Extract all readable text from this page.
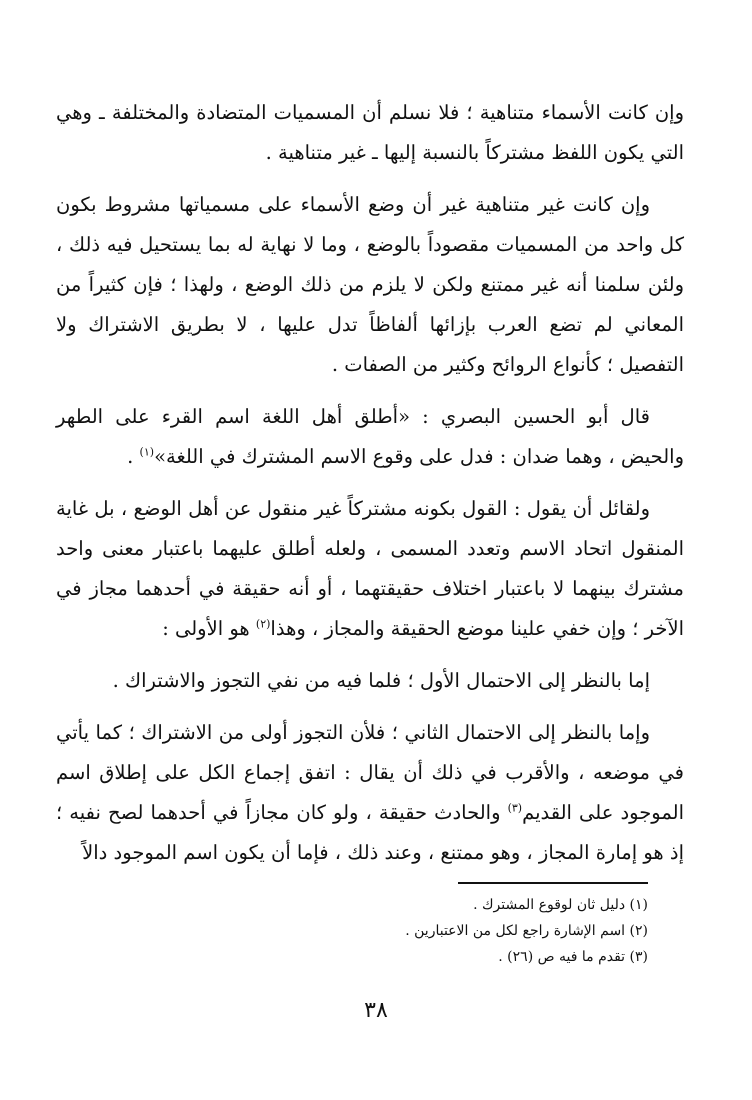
وإن كانت الأسماء متناهية ؛ فلا نسلم أن المسميات المتضادة والمختلفة ـ وهي التي يكون اللفظ مشتركاً بالنسبة إليها ـ غير متناهية .

وإن كانت غير متناهية غير أن وضع الأسماء على مسمياتها مشروط بكون كل واحد من المسميات مقصوداً بالوضع ، وما لا نهاية له بما يستحيل فيه ذلك ، ولئن سلمنا أنه غير ممتنع ولكن لا يلزم من ذلك الوضع ، ولهذا ؛ فإن كثيراً من المعاني لم تضع العرب بإزائها ألفاظاً تدل عليها ، لا بطريق الاشتراك ولا التفصيل ؛ كأنواع الروائح وكثير من الصفات .

قال أبو الحسين البصري : «أطلق أهل اللغة اسم القرء على الطهر والحيض ، وهما ضدان : فدل على وقوع الاسم المشترك في اللغة»$^{(١)}$ .

ولقائل أن يقول : القول بكونه مشتركاً غير منقول عن أهل الوضع ، بل غاية المنقول اتحاد الاسم وتعدد المسمى ، ولعله أطلق عليهما باعتبار معنى واحد مشترك بينهما لا باعتبار اختلاف حقيقتهما ، أو أنه حقيقة في أحدهما مجاز في الآخر ؛ وإن خفي علينا موضع الحقيقة والمجاز ، وهذا$^{(٢)}$ هو الأولى :

إما بالنظر إلى الاحتمال الأول ؛ فلما فيه من نفي التجوز والاشتراك .

وإما بالنظر إلى الاحتمال الثاني ؛ فلأن التجوز أولى من الاشتراك ؛ كما يأتي في موضعه ، والأقرب في ذلك أن يقال : اتفق إجماع الكل على إطلاق اسم الموجود على القديم$^{(٣)}$ والحادث حقيقة ، ولو كان مجازاً في أحدهما لصح نفيه ؛ إذ هو إمارة المجاز ، وهو ممتنع ، وعند ذلك ، فإما أن يكون اسم الموجود دالاً

(١) دليل ثان لوقوع المشترك .

(٢) اسم الإشارة راجع لكل من الاعتبارين .

(٣) تقدم ما فيه ص (٢٦) .

٣٨
